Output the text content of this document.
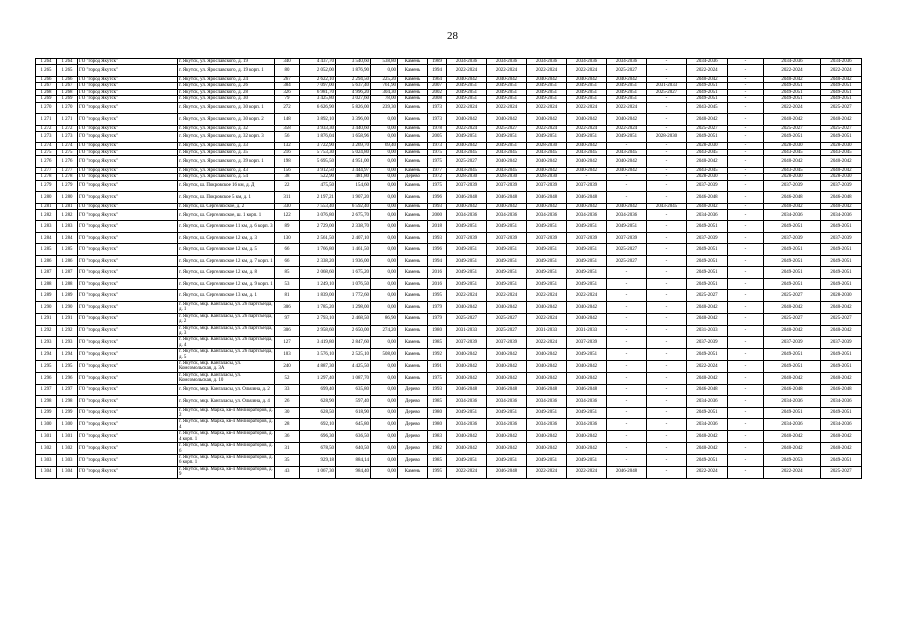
28
1 264	1 264	ГО "город Якутск"	г. Якутск, ул. Ярославского, д. 19	340	4 437,70	3 540,60	538,80	Камень	1989	2034-2036	2034-2036	2034-2036	2034-2036	2034-2036	-	2034-2036	-	2034-2036	2034-2036
1 265	1 265	ГО "город Якутск"	г. Якутск, ул. Ярославского, д. 19 корп. 1	80	2 052,00	1 876,90	0,00	Камень	1994	2022-2024	2022-2024	2022-2024	2022-2024	2025-2027	-	2022-2024	-	2022-2024	2022-2024
1 266	1 266	ГО "город Якутск"	г. Якутск, ул. Ярославского, д. 24	267	2 622,10	2 294,50	225,20	Камень	1964	2040-2042	2040-2042	2040-2042	2040-2042	2040-2042	-	2040-2042	-	2040-2042	2040-2042
1 267	1 267	ГО "город Якутск"	г. Якутск, ул. Ярославского, д. 26	384	7 097,00	5 637,40	761,90	Камень	2007	2049-2051	2049-2051	2049-2051	2049-2051	2049-2051	2031-2033	2049-2051	-	2049-2051	2049-2051
1 268	1 268	ГО "город Якутск"	г. Якутск, ул. Ярославского, д. 28	326	6 981,70	4 996,20	304,30	Камень	2002	2049-2051	2049-2051	2049-2051	2049-2051	2049-2051	2025-2027	2049-2051	-	2049-2051	2049-2051
1 269	1 269	ГО "город Якутск"	г. Якутск, ул. Ярославского, д. 30	79	3 425,80	3 027,60	78,00	Камень	2008	2049-2051	2049-2051	2049-2051	2049-2051	2049-2051	-	2049-2051	-	2049-2051	2049-2051
1 270	1 270	ГО "город Якутск"	г. Якутск, ул. Ярославского, д. 30 корп. 1	272	6 626,90	5 826,00	239,30	Камень	1973	2022-2024	2022-2024	2022-2024	2022-2024	2022-2024	-	2043-2045	-	2022-2024	2025-2027
1 271	1 271	ГО "город Якутск"	г. Якутск, ул. Ярославского, д. 30 корп. 2	148	3 892,10	3 396,00	0,00	Камень	1973	2040-2042	2040-2042	2040-2042	2040-2042	2040-2042	-	2040-2042	-	2040-2042	2040-2042
1 272	1 272	ГО "город Якутск"	г. Якутск, ул. Ярославского, д. 32	358	3 933,30	3 440,60	0,00	Камень	1978	2022-2024	2025-2027	2022-2024	2022-2024	2022-2024	-	2025-2027	-	2025-2027	2025-2027
1 273	1 273	ГО "город Якутск"	г. Якутск, ул. Ярославского, д. 32 корп. 3	56	1 876,04	1 658,96	0,00	Камень	2005	2049-2051	2049-2051	2049-2051	2049-2051	2049-2051	2028-2030	2049-2051	-	2049-2051	2049-2051
1 274	1 274	ГО "город Якутск"	г. Якутск, ул. Ярославского, д. 33	132	3 722,90	3 269,70	69,40	Камень	1973	2040-2042	2049-2051	2028-2030	2040-2042	-	-	2028-2030	-	2028-2030	2028-2030
1 275	1 275	ГО "город Якутск"	г. Якутск, ул. Ярославского, д. 35	216	5 753,30	5 024,80	0,00	Камень	1975	2043-2045	2043-2045	2043-2045	2043-2045	2043-2045	-	2043-2045	-	2043-2045	2043-2045
1 276	1 276	ГО "город Якутск"	г. Якутск, ул. Ярославского, д. 39 корп. 1	198	5 695,50	4 951,00	0,00	Камень	1975	2025-2027	2040-2042	2040-2042	2040-2042	2040-2042	-	2040-2042	-	2040-2042	2040-2042
1 277	1 277	ГО "город Якутск"	г. Якутск, ул. Ярославского, д. 43	156	3 912,50	3 444,97	0,00	Камень	1977	2043-2045	2043-2045	2040-2042	2040-2042	2040-2042	-	2043-2045	-	2043-2045	2040-2042
1 278	1 278	ГО "город Якутск"	г. Якутск, ул. Ярославского, д. 54	38	522,90	481,80	0,00	Дерево	1972	2028-2030	2028-2030	2028-2030	-	-	-	2028-2030	-	2028-2030	2028-2030
1 279	1 279	ГО "город Якутск"	г. Якутск, ш. Покровское 16 км, д. Д	22	475,50	154,60	0,00	Камень	1975	2037-2039	2037-2039	2037-2039	2037-2039	-	-	2037-2039	-	2037-2039	2037-2039
1 280	1 280	ГО "город Якутск"	г. Якутск, ш. Покровское 5 км, д. 1	311	2 197,21	1 907,20	0,00	Камень	1996	2046-2048	2046-2048	2046-2048	2046-2048	-	-	2046-2048	-	2046-2048	2046-2048
1 281	1 281	ГО "город Якутск"	г. Якутск, ш. Сергеляхское, д. 2	330	7 553,40	6 592,40	0,00	Камень	1993	2040-2042	2040-2042	2040-2042	2040-2042	2040-2042	2043-2045	2040-2042	-	2040-2042	2040-2042
1 282	1 282	ГО "город Якутск"	г. Якутск, ш. Сергеляхское, ш. 1 корп. 1	122	3 076,80	2 675,70	0,00	Камень	2000	2034-2036	2034-2036	2034-2036	2034-2036	2034-2036	-	2034-2036	-	2034-2036	2034-2036
1 283	1 283	ГО "город Якутск"	г. Якутск, ш. Сергеляхское 11 км, д. 6 корп. 3	89	2 729,00	2 338,70	0,00	Камень	2018	2049-2051	2049-2051	2049-2051	2049-2051	2049-2051	-	2049-2051	-	2049-2051	2049-2051
1 284	1 284	ГО "город Якутск"	г. Якутск, ш. Сергеляхское 12 км, д. 3	130	2 561,50	2 407,10	0,00	Камень	1993	2037-2039	2037-2039	2037-2039	2037-2039	2037-2039	-	2037-2039	-	2037-2039	2037-2039
1 285	1 285	ГО "город Якутск"	г. Якутск, ш. Сергеляхское 12 км, д. 5	66	1 766,80	1 461,50	0,00	Камень	1996	2049-2051	2049-2051	2049-2051	2049-2051	2025-2027	-	2049-2051	-	2049-2051	2049-2051
1 286	1 286	ГО "город Якутск"	г. Якутск, ш. Сергеляхское 12 км, д. 7 корп. 1	66	2 338,20	1 936,00	0,00	Камень	1994	2049-2051	2049-2051	2049-2051	2049-2051	2025-2027	-	2049-2051	-	2049-2051	2049-2051
1 287	1 287	ГО "город Якутск"	г. Якутск, ш. Сергеляхское 12 км, д. 8	85	2 068,60	1 675,20	0,00	Камень	2016	2049-2051	2049-2051	2049-2051	2049-2051	-	-	2049-2051	-	2049-2051	2049-2051
1 288	1 288	ГО "город Якутск"	г. Якутск, ш. Сергеляхское 12 км, д. 9 корп. 1	53	1 249,10	1 076,50	0,00	Камень	2016	2049-2051	2049-2051	2049-2051	2049-2051	-	-	2049-2051	-	2049-2051	2049-2051
1 289	1 289	ГО "город Якутск"	г. Якутск, ш. Сергеляхское 13 км, д. 1	81	1 839,00	1 772,60	0,00	Камень	1995	2022-2024	2022-2024	2022-2024	2022-2024	-	-	2025-2027	-	2025-2027	2028-2030
1 290	1 290	ГО "город Якутск"	г. Якутск, мкр. Кангаласы, ул. 26 партсъезда, д. 1	306	1 785,20	1 298,00	0,00	Камень	1979	2040-2042	2040-2042	2040-2042	2040-2042	-	-	2040-2042	-	2040-2042	2040-2042
1 291	1 291	ГО "город Якутск"	г. Якутск, мкр. Кангаласы, ул. 26 партсъезда, д. 2	97	2 793,10	2 468,50	86,90	Камень	1979	2025-2027	2025-2027	2022-2024	2040-2042	-	-	2040-2042	-	2025-2027	2025-2027
1 292	1 292	ГО "город Якутск"	г. Якутск, мкр. Кангаласы, ул. 26 партсъезда, д. 3	306	2 958,60	2 650,00	274,20	Камень	1980	2031-2033	2025-2027	2031-2033	2031-2033	-	-	2031-2033	-	2040-2042	2040-2042
1 293	1 293	ГО "город Якутск"	г. Якутск, мкр. Кангаласы, ул. 26 партсъезда, д. 4	127	3 419,80	2 847,60	0,00	Камень	1985	2037-2039	2037-2039	2022-2024	2037-2039	-	-	2037-2039	-	2037-2039	2037-2039
1 294	1 294	ГО "город Якутск"	г. Якутск, мкр. Кангаласы, ул. 26 партсъезда, д. 5	103	3 576,10	2 525,10	508,00	Камень	1992	2040-2042	2040-2042	2040-2042	2049-2051	-	-	2049-2051	-	2049-2051	2049-2051
1 295	1 295	ГО "город Якутск"	г. Якутск, мкр. Кангаласы, ул. Комсомольская, д. 3А	240	4 887,30	4 425,50	0,00	Камень	1991	2040-2042	2040-2042	2040-2042	2040-2042	-	-	2022-2024	-	2049-2051	2049-2051
1 296	1 296	ГО "город Якутск"	г. Якутск, мкр. Кангаласы, ул. Комсомольская, д. 10	52	1 297,40	1 087,70	0,00	Камень	1975	2040-2042	2040-2042	2040-2042	2040-2042	-	-	2040-2042	-	2040-2042	2040-2042
1 297	1 297	ГО "город Якутск"	г. Якутск, мкр. Кангаласы, ул. Ольчина, д. 2	33	699,40	635,80	0,00	Дерево	1993	2046-2048	2046-2048	2046-2048	2046-2048	-	-	2046-2048	-	2046-2048	2046-2048
1 298	1 298	ГО "город Якутск"	г. Якутск, мкр. Кангаласы, ул. Ольчина, д. 4	26	628,90	597,40	0,00	Дерево	1985	2034-2036	2034-2036	2034-2036	2034-2036	-	-	2034-2036	-	2034-2036	2034-2036
1 299	1 299	ГО "город Якутск"	г. Якутск, мкр. Марха, кв-л Мелиораторов, д. 2	30	628,50	618,90	0,00	Дерево	1980	2049-2051	2049-2051	2049-2051	2049-2051	-	-	2049-2051	-	2049-2051	2049-2051
1 300	1 300	ГО "город Якутск"	г. Якутск, мкр. Марха, кв-л Мелиораторов, д. 4	28	692,10	645,80	0,00	Дерево	1980	2034-2036	2034-2036	2034-2036	2034-2036	-	-	2034-2036	-	2034-2036	2034-2036
1 301	1 301	ГО "город Якутск"	г. Якутск, мкр. Марха, кв-л Мелиораторов, д. 4 корп. 1	36	696,30	636,50	0,00	Дерево	1983	2040-2042	2040-2042	2040-2042	2040-2042	-	-	2040-2042	-	2040-2042	2040-2042
1 302	1 302	ГО "город Якутск"	г. Якутск, мкр. Марха, кв-л Мелиораторов, д. 6	31	678,50	640,50	0,00	Дерево	1982	2040-2042	2040-2042	2040-2042	2040-2042	-	-	2040-2042	-	2040-2042	2040-2042
1 303	1 303	ГО "город Якутск"	г. Якутск, мкр. Марха, кв-л Мелиораторов, д. 6 корп. 1	35	929,18	884,14	0,00	Дерево	1985	2049-2051	2049-2051	2049-2051	2049-2051	-	-	2049-2051	-	2049-2053	2049-2051
1 304	1 304	ГО "город Якутск"	г. Якутск, мкр. Марха, кв-л Мелиораторов, д. 9	43	1 067,30	984,40	0,00	Камень	1995	2022-2024	2046-2048	2022-2024	2022-2024	2046-2048	-	2022-2024	-	2022-2024	2025-2027
